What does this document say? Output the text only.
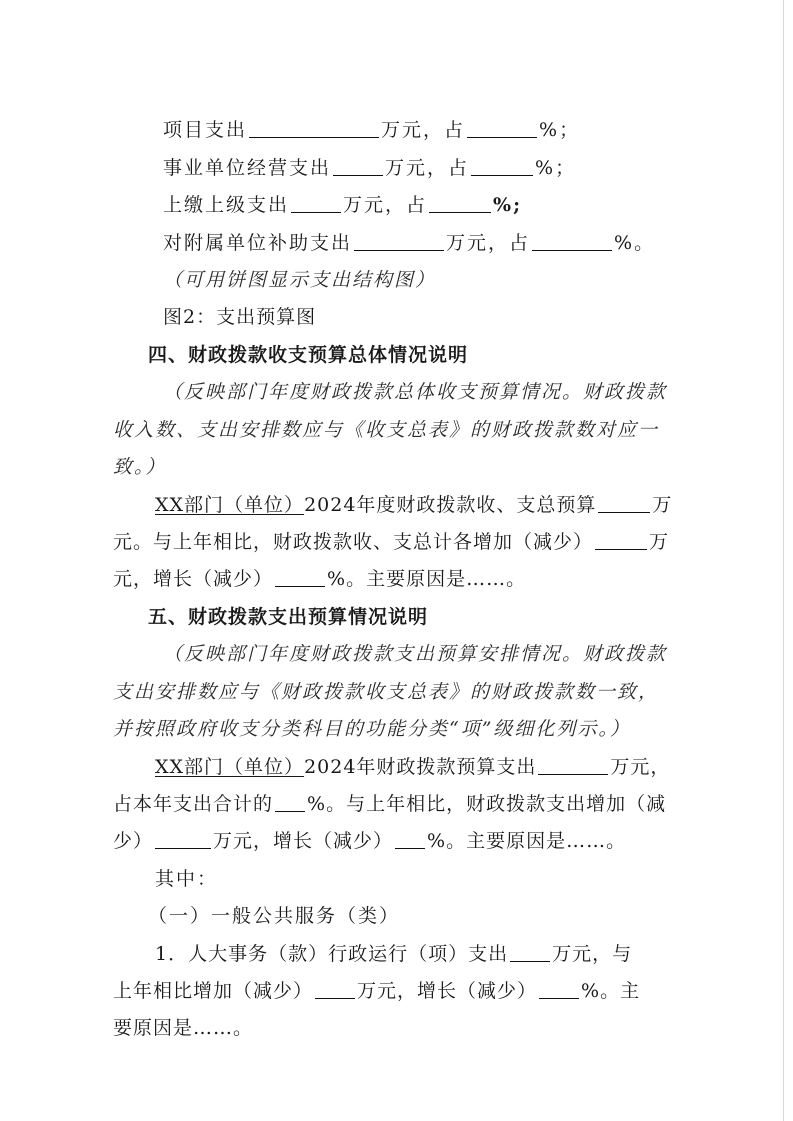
项目支出	万元，占	%；
事业单位经营支出	万元，占	%；
上缴上级支出	万元，占	%;
对附属单位补助支出	万元，占	%。
（可用饼图显示支出结构图）
图2：支出预算图
四、财政拨款收支预算总体情况说明
（反映部门年度财政拨款总体收支预算情况。财政拨款
收入数、支出安排数应与《收支总表》的财政拨款数对应一
致。）
XX部门（单位）2024年度财政拨款收、支总预算	万
元。与上年相比，财政拨款收、支总计各增加（减少）	万
元，增长（减少）	%。主要原因是……。
五、财政拨款支出预算情况说明
（反映部门年度财政拨款支出预算安排情况。财政拨款
支出安排数应与《财政拨款收支总表》的财政拨款数一致，
并按照政府收支分类科目的功能分类“项”级细化列示。）
XX部门（单位）2024年财政拨款预算支出	万元，
占本年支出合计的 %。与上年相比，财政拨款支出增加（减
少）	万元，增长（减少） %。主要原因是……。
其中：
（一）一般公共服务（类）
1．人大事务（款）行政运行（项）支出 万元，与
上年相比增加（减少） 万元，增长（减少） %。主
要原因是……。
